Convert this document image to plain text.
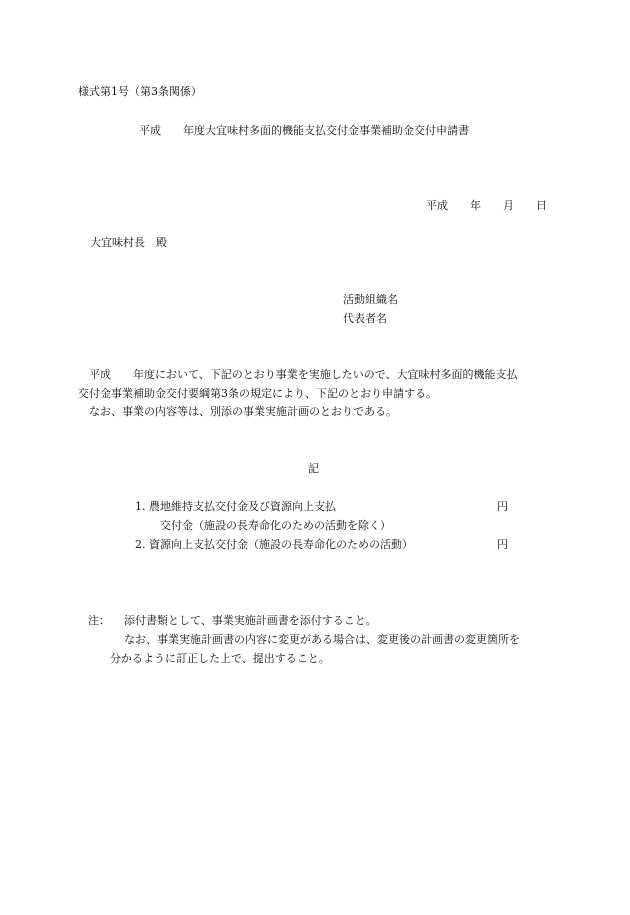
様式第1号（第3条関係）
平成 年度大宜味村多面的機能支払交付金事業補助金交付申請書
平成 年 月 日
大宜味村長　殿
活動組織名
代表者名
平成 年度において、下記のとおり事業を実施したいので、大宜味村多面的機能支払
交付金事業補助金交付要綱第3条の規定により、下記のとおり申請する。
なお、事業の内容等は、別添の事業実施計画のとおりである。
記
1. 農地維持支払交付金及び資源向上支払
交付金（施設の長寿命化のための活動を除く）
円
2. 資源向上支払交付金（施設の長寿命化のための活動）	円
注： 添付書類として、事業実施計画書を添付すること。
なお、事業実施計画書の内容に変更がある場合は、変更後の計画書の変更箇所を
分かるように訂正した上で、提出すること。
